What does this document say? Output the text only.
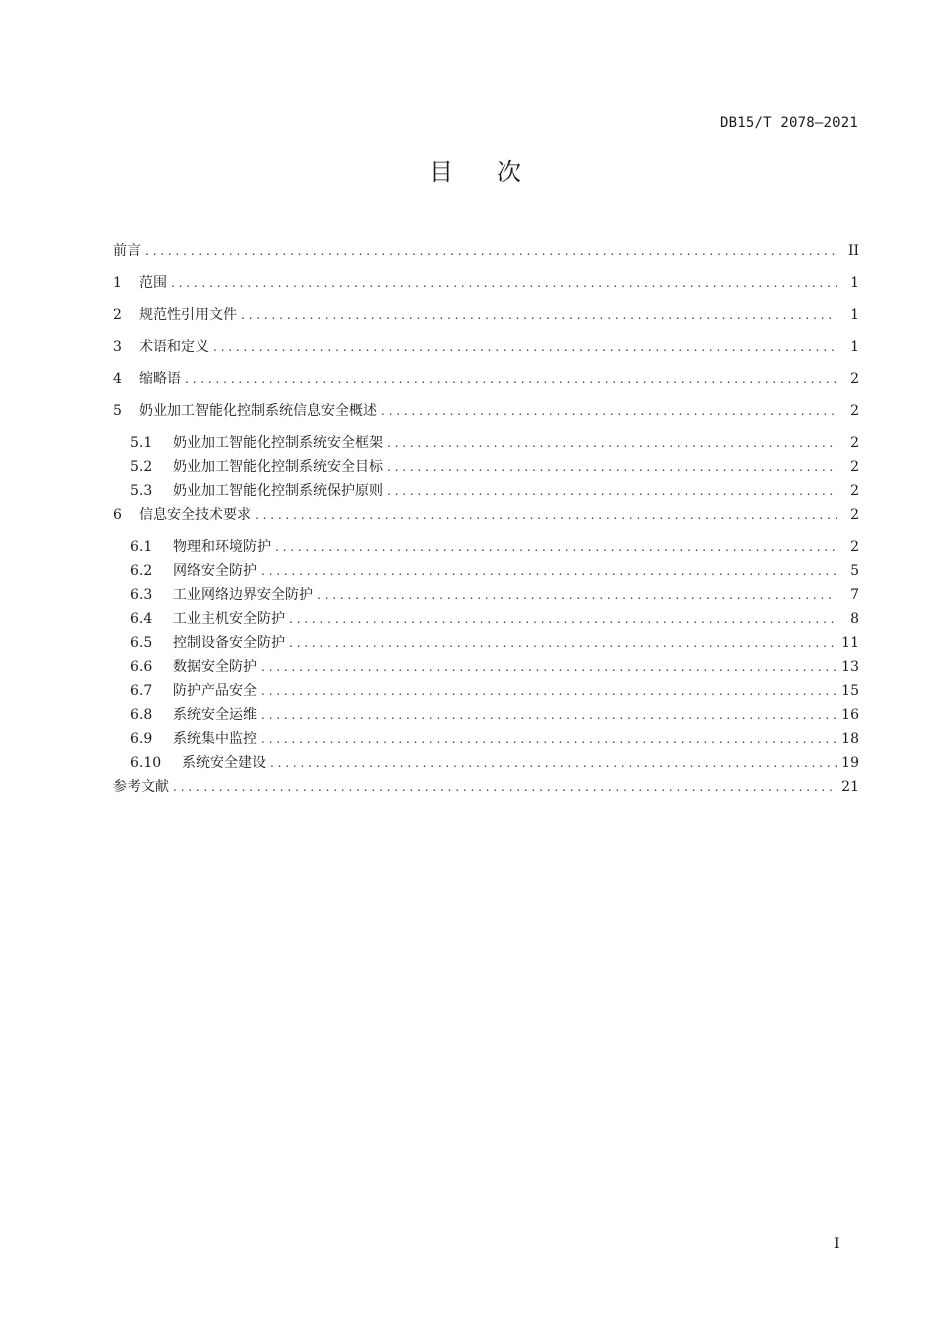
DB15/T 2078—2021
目次
前言 . . .	II
1	范围 . . .	1
2	规范性引用文件 . . .	1
3	术语和定义 . . .	1
4	缩略语 . . .	2
5	奶业加工智能化控制系统信息安全概述 . . .	2
5.1	奶业加工智能化控制系统安全框架 . . .	2
5.2	奶业加工智能化控制系统安全目标 . . .	2
5.3	奶业加工智能化控制系统保护原则 . . .	2
6	信息安全技术要求 . . .	2
6.1	物理和环境防护 . . .	2
6.2	网络安全防护 . . .	5
6.3	工业网络边界安全防护 . . .	7
6.4	工业主机安全防护 . . .	8
6.5	控制设备安全防护 . . .	11
6.6	数据安全防护 . . .	13
6.7	防护产品安全 . . .	15
6.8	系统安全运维 . . .	16
6.9	系统集中监控 . . .	18
6.10	系统安全建设 . . .	19
参考文献 . . .	21
I
